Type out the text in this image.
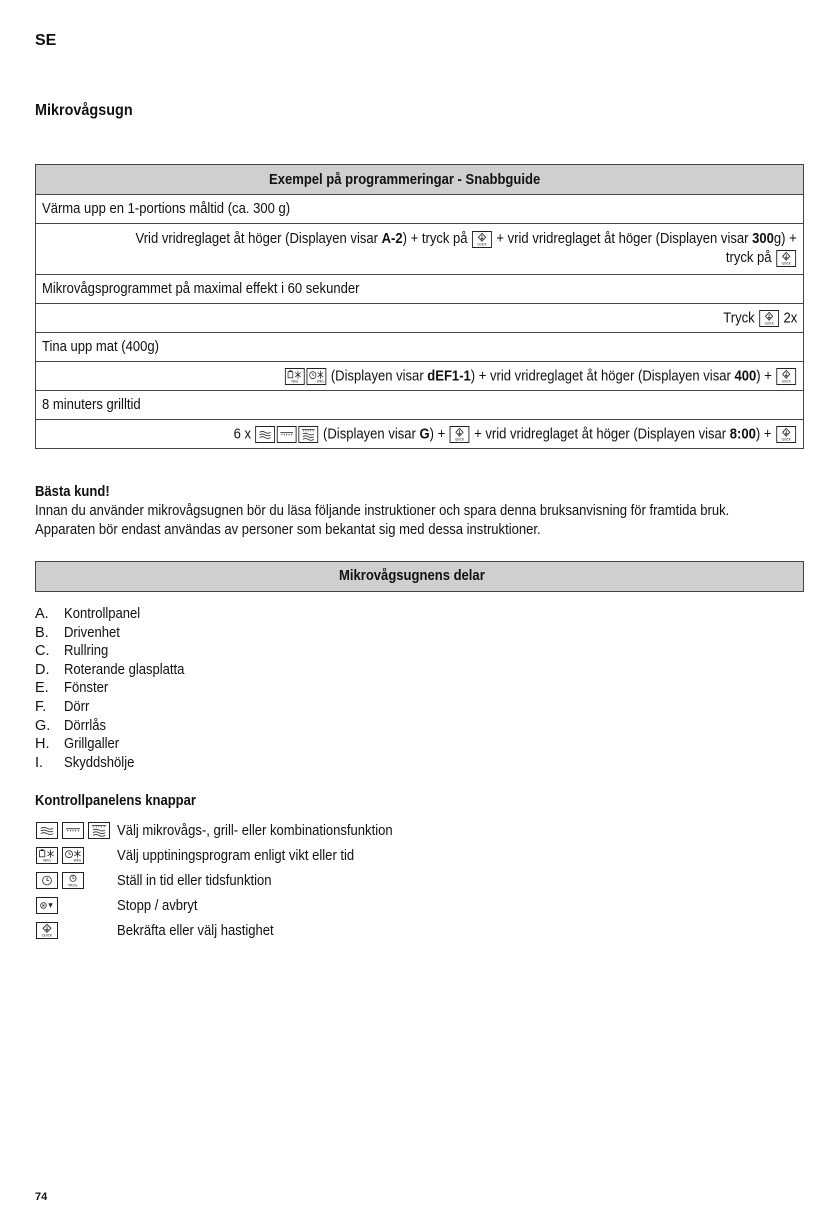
SE
Mikrovågsugn
Exempel på programmeringar - Snabbguide
Värma upp en 1-portions måltid (ca. 300 g)

Vrid vridreglaget åt höger (Displayen visar A-2) + tryck på	QUICK + vrid vridreglaget åt höger (Displayen visar 300g) +
tryck på	QUICK

Mikrovågsprogrammet på maximal effekt i 60 sekunder
Tryck	QUICK 2x
Tina upp mat (400g)

WKG	WKG (Displayen visar dEF1-1) + vrid vridreglaget åt höger (Displayen visar 400) +	QUICK

8 minuters grilltid
6 x	(Displayen visar G) +	QUICK + vrid vridreglaget åt höger (Displayen visar 8:00) +	QUICK
Bästa kund!
Innan du använder mikrovågsugnen bör du läsa följande instruktioner och spara denna bruksanvisning för framtida bruk.
Apparaten bör endast användas av personer som bekantat sig med dessa instruktioner.
Mikrovågsugnens delar
A. Kontrollpanel
B. Drivenhet
C. Rullring
D. Roterande glasplatta
E. Fönster
F. Dörr
G. Dörrlås
H. Grillgaller
I. Skyddshölje
Kontrollpanelens knappar
Välj mikrovågs-, grill- eller kombinationsfunktion
WKG	WKG Välj upptiningsprogram enligt vikt eller tid
PROG	Ställ in tid eller tidsfunktion
Stopp / avbryt
QUICK	Bekräfta eller välj hastighet
74
